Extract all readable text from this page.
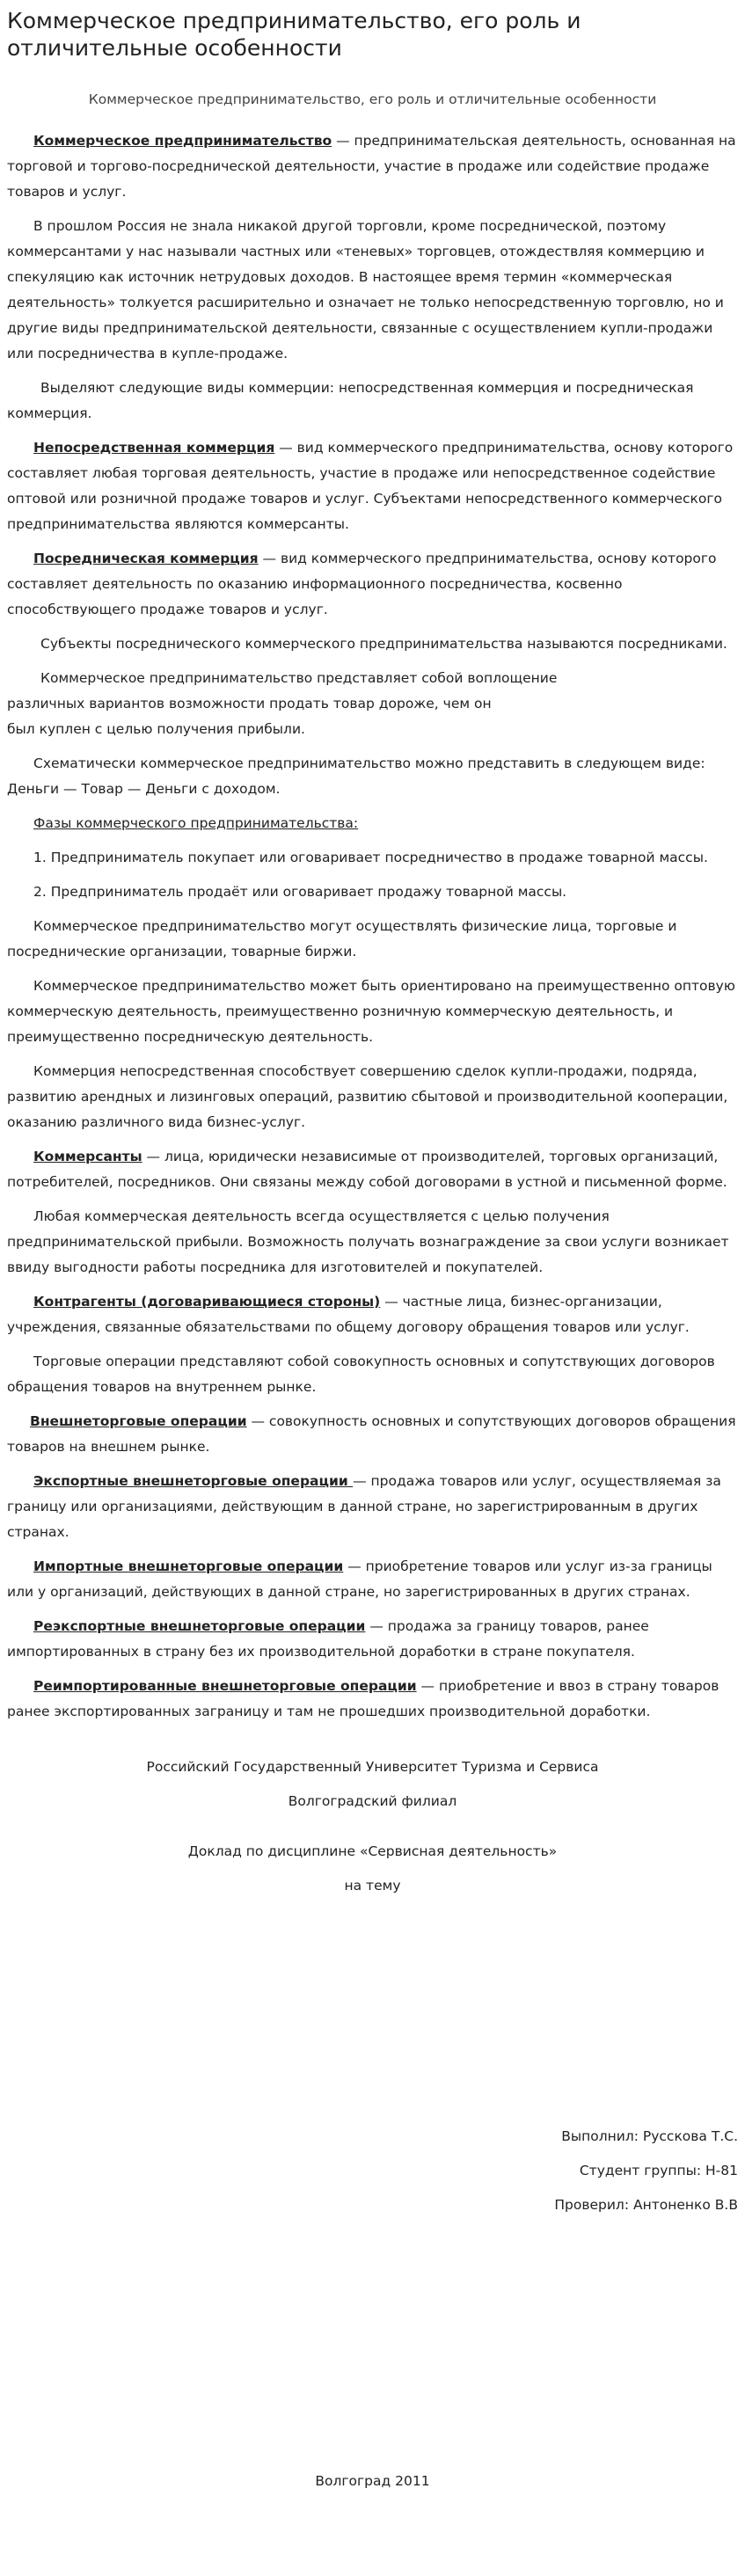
Коммерческое предпринимательство, его роль и отличительные особенности
Коммерческое предпринимательство, его роль и отличительные особенности

Коммерческое предпринимательство — предпринимательская деятельность, основанная на торговой и торгово-посреднической деятельности, участие в продаже или содействие продаже товаров и услуг.

В прошлом Россия не знала никакой другой торговли, кроме посреднической, поэтому коммерсантами у нас называли частных или «теневых» торговцев, отождествляя коммерцию и спекуляцию как источник нетрудовых доходов. В настоящее время термин «коммерческая деятельность» толкуется расширительно и означает не только непосредственную торговлю, но и другие виды предпринимательской деятельности, связанные с осуществлением купли-продажи или посредничества в купле-продаже.

Выделяют следующие виды коммерции: непосредственная коммерция и посредническая коммерция.

Непосредственная коммерция — вид коммерческого предпринимательства, основу которого составляет любая торговая деятельность, участие в продаже или непосредственное содействие оптовой или розничной продаже товаров и услуг. Субъектами непосредственного коммерческого предпринимательства являются коммерсанты.

Посредническая коммерция — вид коммерческого предпринимательства, основу которого составляет деятельность по оказанию информационного посредничества, косвенно способствующего продаже товаров и услуг.

Субъекты посреднического коммерческого предпринимательства называются посредниками.

Коммерческое предпринимательство представляет собой воплощение
различных вариантов возможности продать товар дороже, чем он
был куплен с целью получения прибыли.

Схематически коммерческое предпринимательство можно представить в следующем виде: Деньги — Товар — Деньги с доходом.

Фазы коммерческого предпринимательства:

1. Предприниматель покупает или оговаривает посредничество в продаже товарной массы.

2. Предприниматель продаёт или оговаривает продажу товарной массы.

Коммерческое предпринимательство могут осуществлять физические лица, торговые и посреднические организации, товарные биржи.

Коммерческое предпринимательство может быть ориентировано на преимущественно оптовую коммерческую деятельность, преимущественно розничную коммерческую деятельность, и преимущественно посредническую деятельность.

Коммерция непосредственная способствует совершению сделок купли-продажи, подряда, развитию арендных и лизинговых операций, развитию сбытовой и производительной кооперации, оказанию различного вида бизнес-услуг.

Коммерсанты — лица, юридически независимые от производителей, торговых организаций, потребителей, посредников. Они связаны между собой договорами в устной и письменной форме.

Любая коммерческая деятельность всегда осуществляется с целью получения предпринимательской прибыли. Возможность получать вознаграждение за свои услуги возникает ввиду выгодности работы посредника для изготовителей и покупателей.

Контрагенты (договаривающиеся стороны) — частные лица, бизнес-организации, учреждения, связанные обязательствами по общему договору обращения товаров или услуг.

Торговые операции представляют собой совокупность основных и сопутствующих договоров обращения товаров на внутреннем рынке.

Внешнеторговые операции — совокупность основных и сопутствующих договоров обращения товаров на внешнем рынке.

Экспортные внешнеторговые операции — продажа товаров или услуг, осуществляемая за границу или организациями, действующим в данной стране, но зарегистрированным в других странах.

Импортные внешнеторговые операции — приобретение товаров или услуг из-за границы или у организаций, действующих в данной стране, но зарегистрированных в других странах.

Реэкспортные внешнеторговые операции — продажа за границу товаров, ранее импортированных в страну без их производительной доработки в стране покупателя.

Реимпортированные внешнеторговые операции — приобретение и ввоз в страну товаров ранее экспортированных заграницу и там не прошедших производительной доработки.

Российский Государственный Университет Туризма и Сервиса

Волгоградский филиал

Доклад по дисциплине «Сервисная деятельность»

на тему

Выполнил: Русскова Т.С.

Студент группы: Н-81

Проверил: Антоненко В.В

Волгоград 2011
